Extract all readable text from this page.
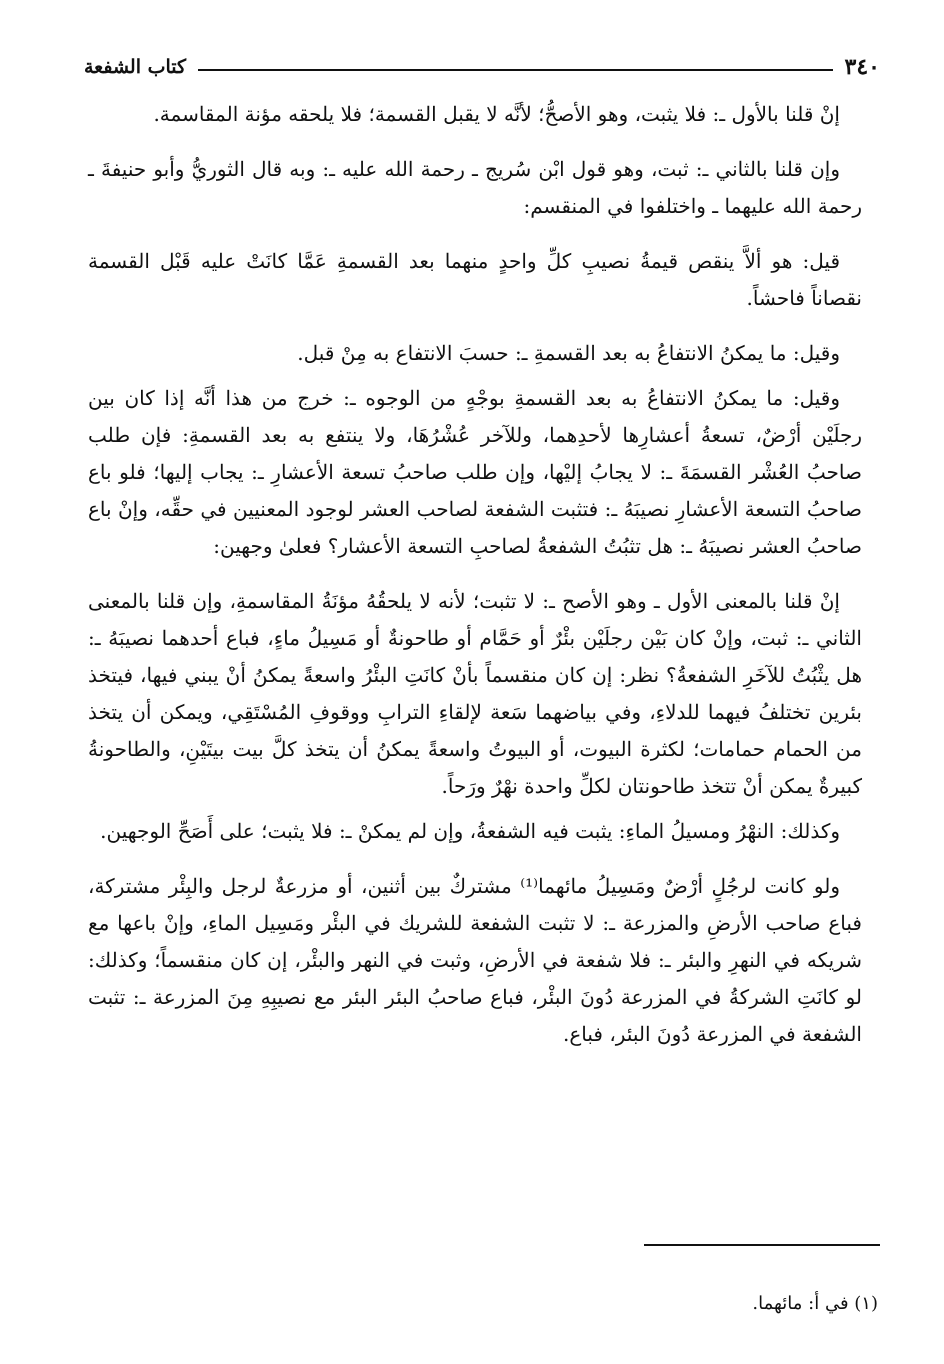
٣٤٠
كتاب الشفعة

إنْ قلنا بالأول ـ: فلا يثبت، وهو الأصحُّ؛ لأنَّه لا يقبل القسمة؛ فلا يلحقه مؤنة المقاسمة.

وإن قلنا بالثاني ـ: ثبت، وهو قول ابْن سُريج ـ رحمة الله عليه ـ: وبه قال الثوريُّ وأبو حنيفةَ ـ رحمة الله عليهما ـ واختلفوا في المنقسم:

قيل: هو ألاَّ ينقص قيمةُ نصيبِ كلِّ واحدٍ منهما بعد القسمةِ عَمَّا كانَتْ عليه قَبْل القسمة نقصاناً فاحشاً.

وقيل: ما يمكنُ الانتفاعُ به بعد القسمةِ ـ: حسبَ الانتفاع به مِنْ قبل.

وقيل: ما يمكنُ الانتفاعُ به بعد القسمةِ بوجْهٍ من الوجوه ـ: خرج من هذا أنَّه إذا كان بين رجلَيْن أرْضٌ، تسعةُ أعشارِها لأحدِهما، وللآخر عُشْرُهَا، ولا ينتفع به بعد القسمةِ: فإن طلب صاحبُ العُشْر القسمَةَ ـ: لا يجابُ إليْها، وإن طلب صاحبُ تسعة الأعشارِ ـ: يجاب إليها؛ فلو باع صاحبُ التسعة الأعشارِ نصيبَهُ ـ: فتثبت الشفعة لصاحب العشر لوجود المعنيين في حقِّه، وإنْ باع صاحبُ العشر نصيبَهُ ـ: هل تثبُتُ الشفعةُ لصاحبِ التسعة الأعشار؟ فعلىٰ وجهين:

إنْ قلنا بالمعنى الأول ـ وهو الأصح ـ: لا تثبت؛ لأنه لا يلحقُهُ مؤنَةُ المقاسمةِ، وإن قلنا بالمعنى الثاني ـ: ثبت، وإنْ كان بَيْن رجلَيْن بئْرٌ أو حَمَّام أو طاحونةٌ أو مَسِيلُ ماءٍ، فباع أحدهما نصيبَهُ ـ: هل يثْبُتُ للآخَرِ الشفعةُ؟ نظر: إن كان منقسماً بأنْ كانَتِ البئْرُ واسعةً يمكنُ أنْ يبني فيها، فيتخذ بئرين تختلفُ فيهما للدلاءِ، وفي بياضهما سَعة لإلقاءِ الترابِ ووقوفِ المُسْتَقِي، ويمكن أن يتخذ من الحمام حمامات؛ لكثرة البيوت، أو البيوتُ واسعةً يمكنُ أن يتخذ كلَّ بيت بيتَيْنِ، والطاحونةُ كبيرةٌ يمكن أنْ تتخذ طاحونتان لكلِّ واحدة نهْرٌ ورَحاً.

وكذلك: النهْرُ ومسيلُ الماءِ: يثبت فيه الشفعةُ، وإن لم يمكنْ ـ: فلا يثبت؛ على أَصَحِّ الوجهين.

ولو كانت لرجُلٍ أرْضٌ ومَسِيلُ مائهما⁽¹⁾ مشتركٌ بين أثنين، أو مزرعةٌ لرجل والبِئْر مشتركة، فباع صاحب الأرضِ والمزرعة ـ: لا تثبت الشفعة للشريك في البئْر ومَسِيل الماءِ، وإنْ باعها مع شريكه في النهرِ والبئر ـ: فلا شفعة في الأرضِ، وثبت في النهر والبئْر، إن كان منقسماً؛ وكذلك: لو كانَتِ الشركةُ في المزرعة دُونَ البئْر، فباع صاحبُ البئر البئر مع نصيبِهِ مِنَ المزرعة ـ: تثبت الشفعة في المزرعة دُونَ البئر، فباع.

(١) في أ: مائهما.
